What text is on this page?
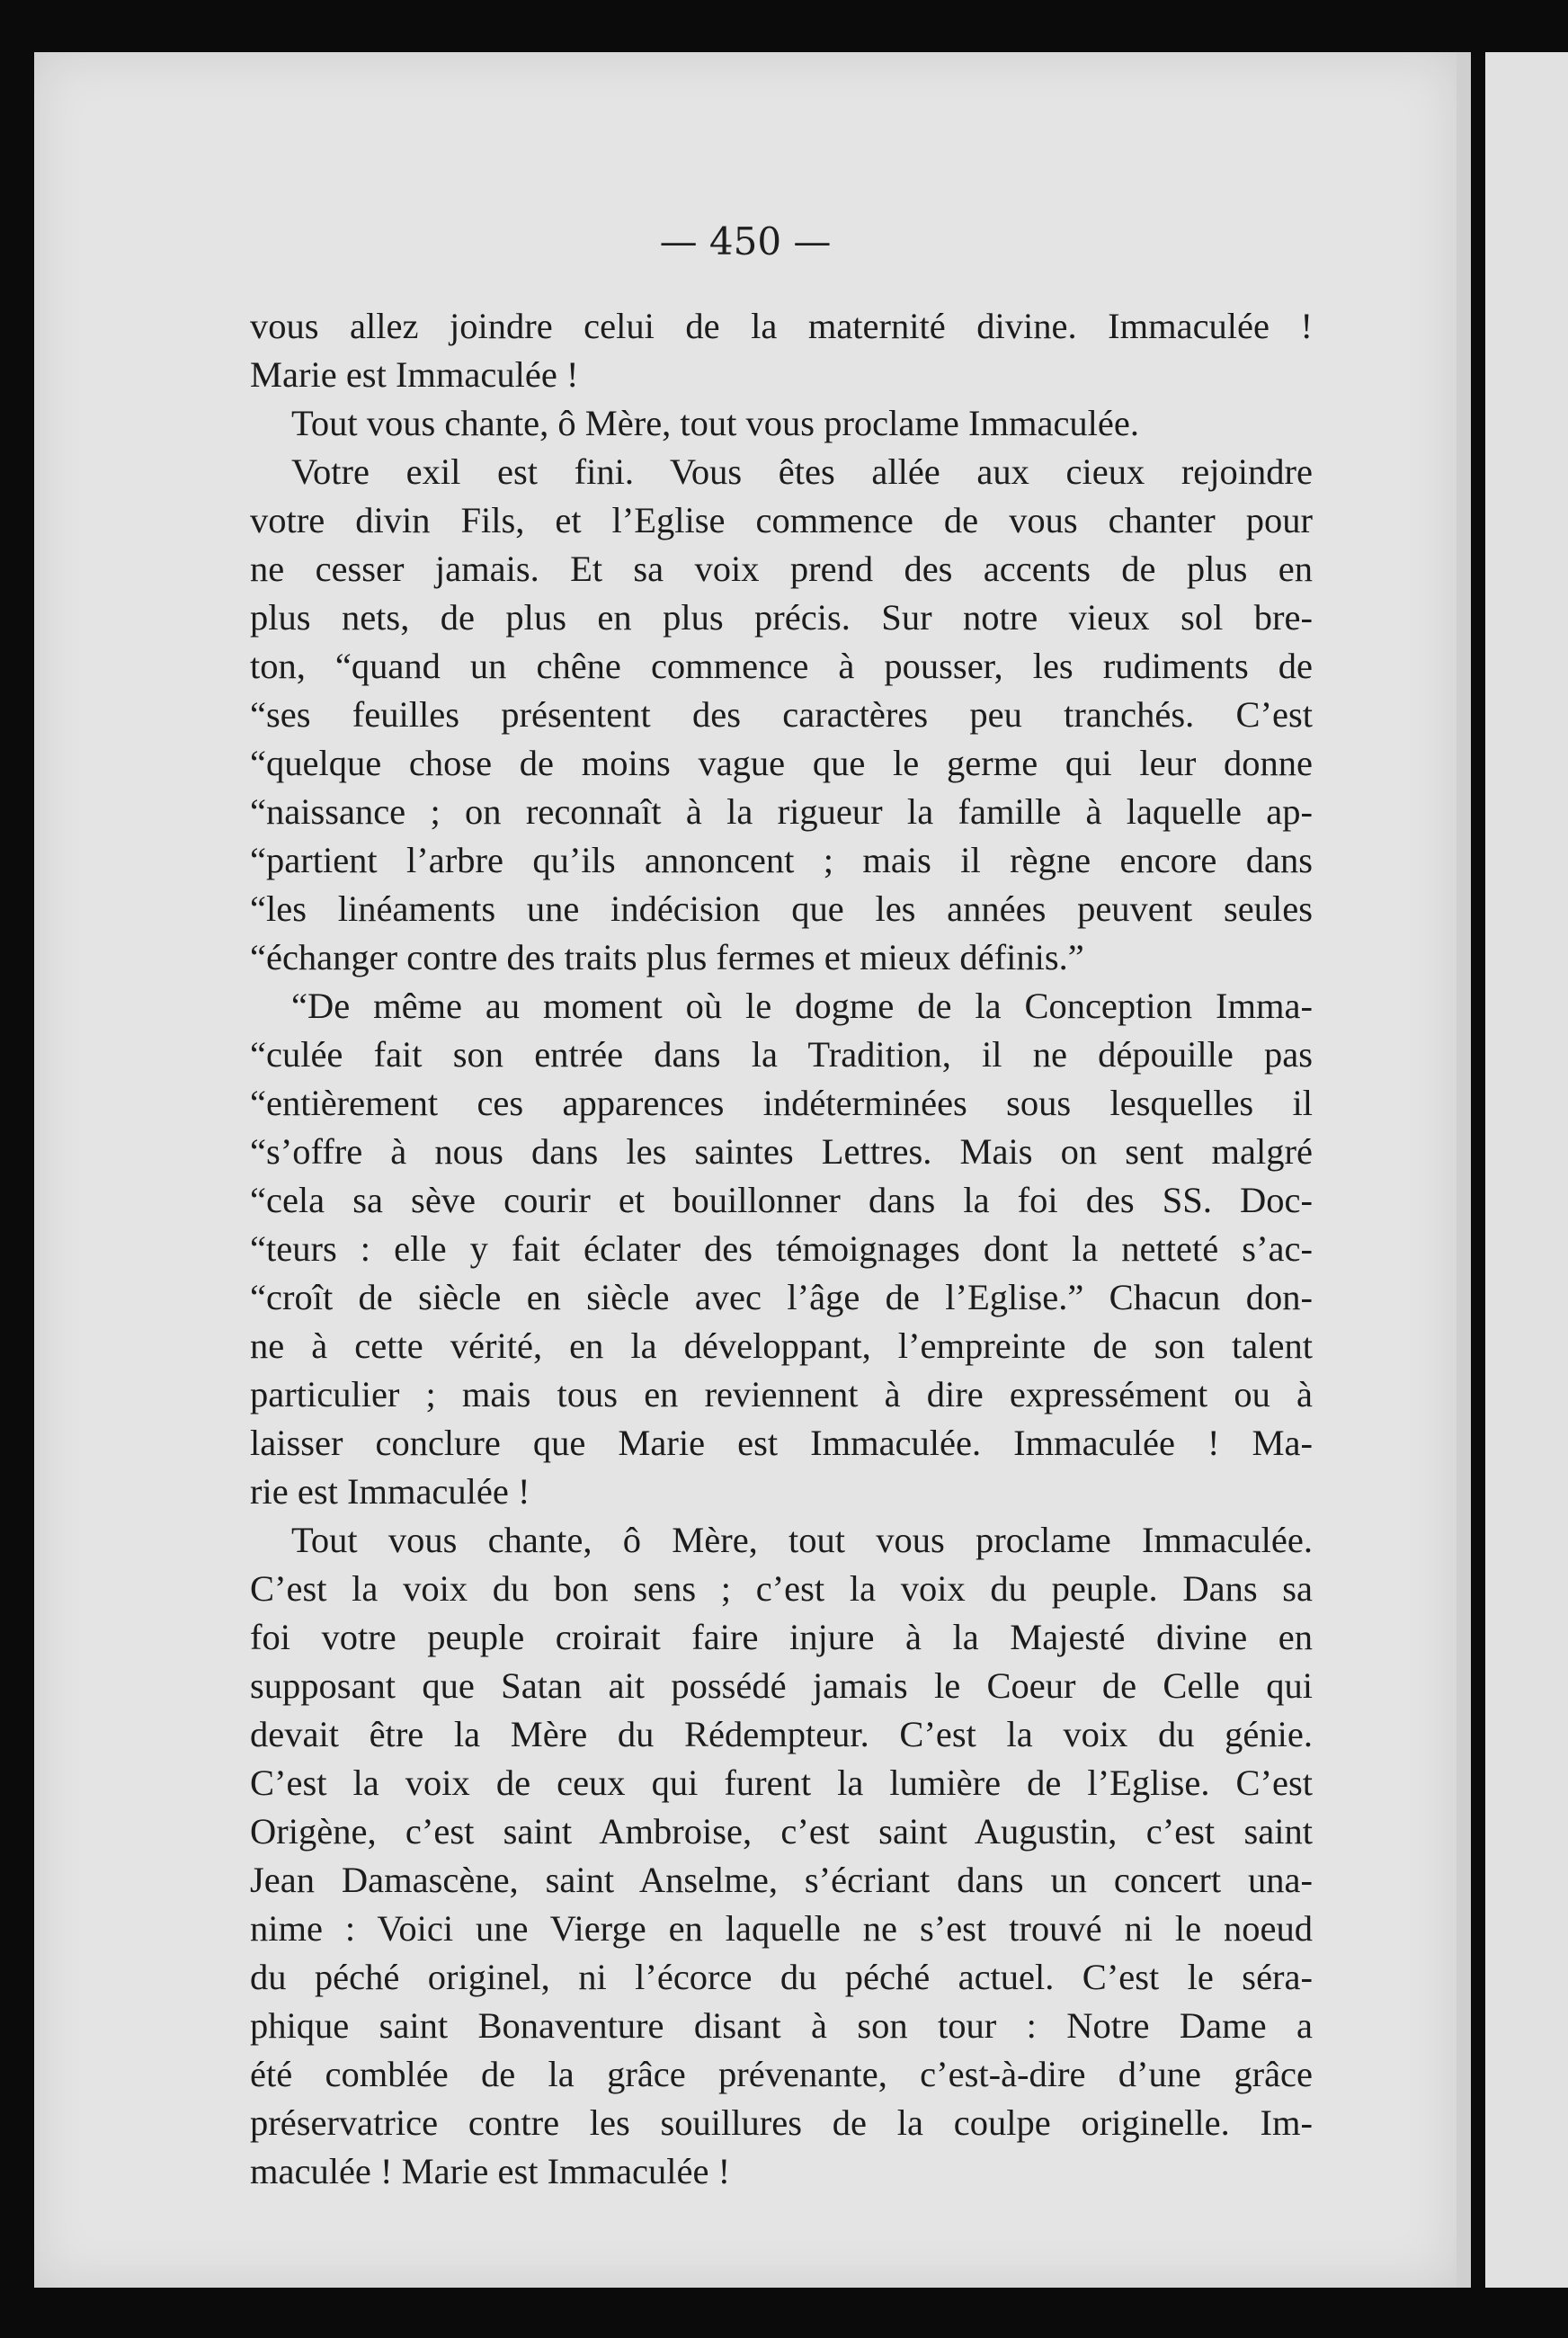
— 450 —
vous allez joindre celui de la maternité divine. Immaculée !
Marie est Immaculée !
Tout vous chante, ô Mère, tout vous proclame Immaculée.
Votre exil est fini. Vous êtes allée aux cieux rejoindre
votre divin Fils, et l’Eglise commence de vous chanter pour
ne cesser jamais. Et sa voix prend des accents de plus en
plus nets, de plus en plus précis. Sur notre vieux sol bre-
ton, “quand un chêne commence à pousser, les rudiments de
“ses feuilles présentent des caractères peu tranchés. C’est
“quelque chose de moins vague que le germe qui leur donne
“naissance ; on reconnaît à la rigueur la famille à laquelle ap-
“partient l’arbre qu’ils annoncent ; mais il règne encore dans
“les linéaments une indécision que les années peuvent seules
“échanger contre des traits plus fermes et mieux définis.”
“De même au moment où le dogme de la Conception Imma-
“culée fait son entrée dans la Tradition, il ne dépouille pas
“entièrement ces apparences indéterminées sous lesquelles il
“s’offre à nous dans les saintes Lettres. Mais on sent malgré
“cela sa sève courir et bouillonner dans la foi des SS. Doc-
“teurs : elle y fait éclater des témoignages dont la netteté s’ac-
“croît de siècle en siècle avec l’âge de l’Eglise.” Chacun don-
ne à cette vérité, en la développant, l’empreinte de son talent
particulier ; mais tous en reviennent à dire expressément ou à
laisser conclure que Marie est Immaculée. Immaculée ! Ma-
rie est Immaculée !
Tout vous chante, ô Mère, tout vous proclame Immaculée.
C’est la voix du bon sens ; c’est la voix du peuple. Dans sa
foi votre peuple croirait faire injure à la Majesté divine en
supposant que Satan ait possédé jamais le Coeur de Celle qui
devait être la Mère du Rédempteur. C’est la voix du génie.
C’est la voix de ceux qui furent la lumière de l’Eglise. C’est
Origène, c’est saint Ambroise, c’est saint Augustin, c’est saint
Jean Damascène, saint Anselme, s’écriant dans un concert una-
nime : Voici une Vierge en laquelle ne s’est trouvé ni le noeud
du péché originel, ni l’écorce du péché actuel. C’est le séra-
phique saint Bonaventure disant à son tour : Notre Dame a
été comblée de la grâce prévenante, c’est-à-dire d’une grâce
préservatrice contre les souillures de la coulpe originelle. Im-
maculée ! Marie est Immaculée !
